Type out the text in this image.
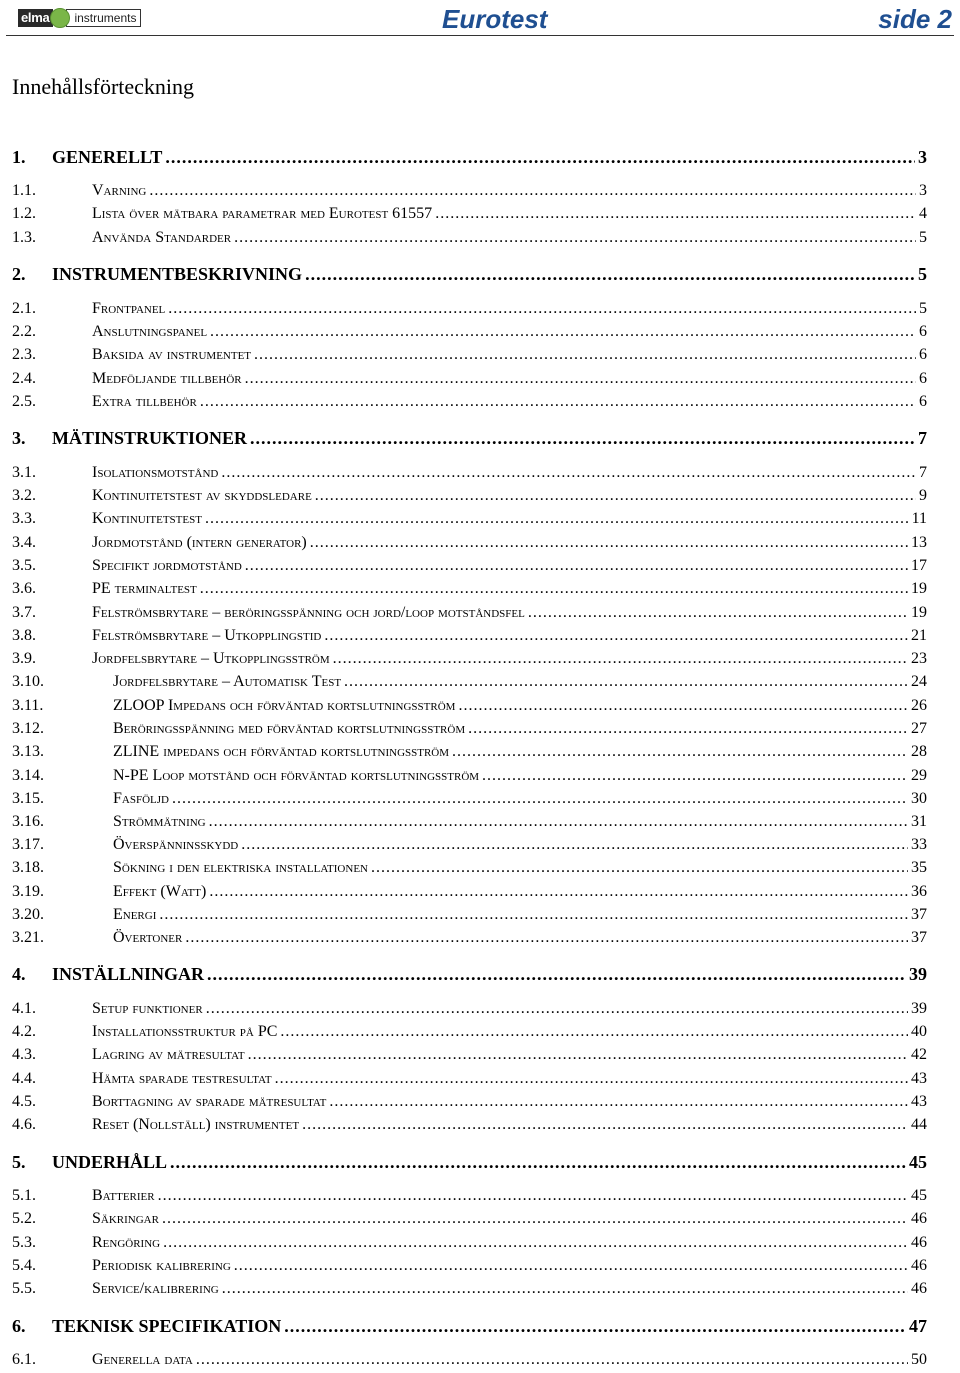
elma	instruments	Eurotest	side 2
Innehållsförteckning
1.	GENERELLT .....	3
1.1.	Varning .....	3
1.2.	Lista över mätbara parametrar med Eurotest 61557 .....	4
1.3.	Använda Standarder .....	5
2.	INSTRUMENTBESKRIVNING .....	5
2.1.	Frontpanel .....	5
2.2.	Anslutningspanel .....	6
2.3.	Baksida av instrumentet .....	6
2.4.	Medföljande tillbehör .....	6
2.5.	Extra tillbehör .....	6
3.	MÄTINSTRUKTIONER .....	7
3.1.	Isolationsmotstånd .....	7
3.2.	Kontinuitetstest av skyddsledare .....	9
3.3.	Kontinuitetstest .....	11
3.4.	Jordmotstånd (intern generator) .....	13
3.5.	Specifikt jordmotstånd .....	17
3.6.	PE terminaltest .....	19
3.7.	Felströmsbrytare – beröringsspänning och jord/loop motståndsfel .....	19
3.8.	Felströmsbrytare – Utkopplingstid .....	21
3.9.	Jordfelsbrytare – Utkopplingsström .....	23
3.10.	Jordfelsbrytare – Automatisk Test .....	24
3.11.	ZLOOP Impedans och förväntad kortslutningsström .....	26
3.12.	Beröringsspänning med förväntad kortslutningsström .....	27
3.13.	ZLINE impedans och förväntad kortslutningsström .....	28
3.14.	N-PE Loop motstånd och förväntad kortslutningsström .....	29
3.15.	Fasföljd .....	30
3.16.	Strömmätning .....	31
3.17.	Överspänninsskydd .....	33
3.18.	Sökning i den elektriska installationen .....	35
3.19.	Effekt (Watt) .....	36
3.20.	Energi .....	37
3.21.	Övertoner .....	37
4.	INSTÄLLNINGAR .....	39
4.1.	Setup funktioner .....	39
4.2.	Installationsstruktur på PC .....	40
4.3.	Lagring av mätresultat .....	42
4.4.	Hämta sparade testresultat .....	43
4.5.	Borttagning av sparade mätresultat .....	43
4.6.	Reset (Nollställ) instrumentet .....	44
5.	UNDERHÅLL .....	45
5.1.	Batterier .....	45
5.2.	Säkringar .....	46
5.3.	Rengöring .....	46
5.4.	Periodisk kalibrering .....	46
5.5.	Service/kalibrering .....	46
6.	TEKNISK SPECIFIKATION .....	47
6.1.	Generella data .....	50
